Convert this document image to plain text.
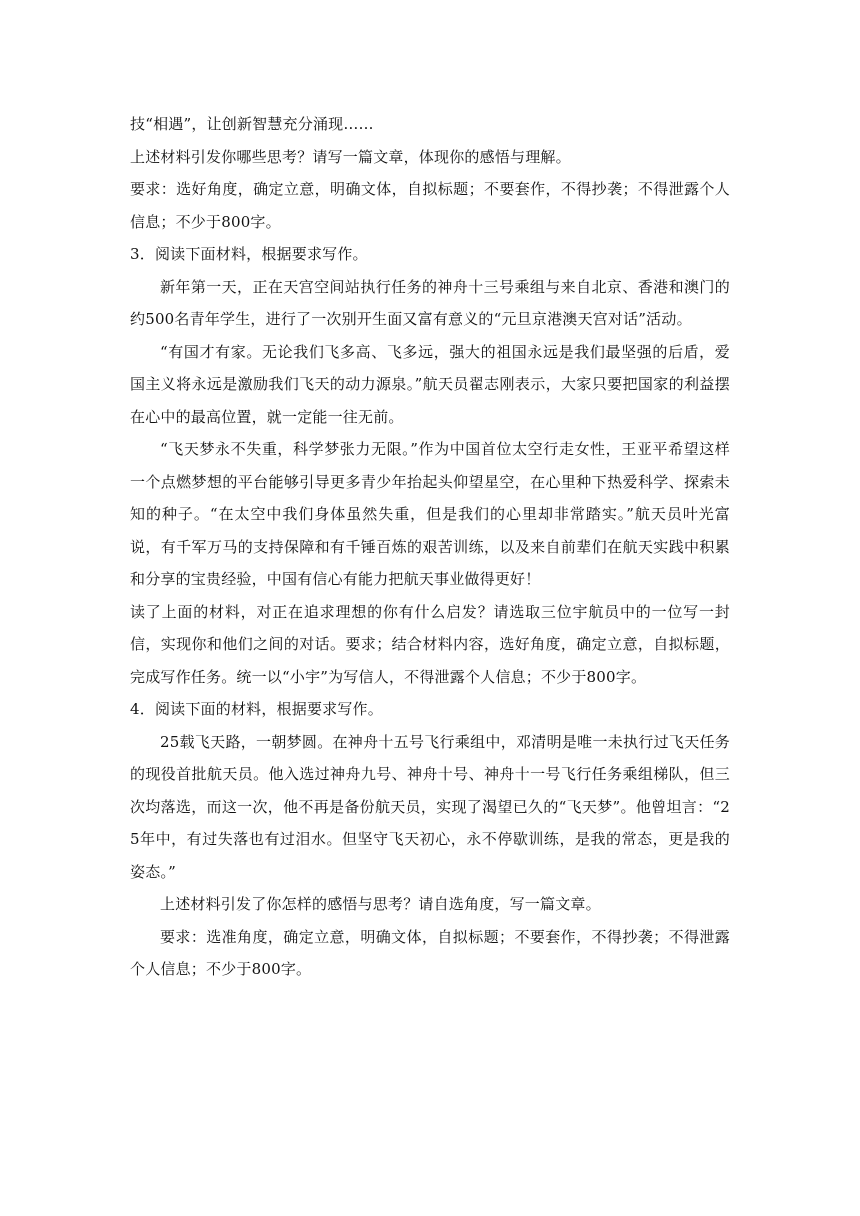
技“相遇”，让创新智慧充分涌现……

上述材料引发你哪些思考？请写一篇文章，体现你的感悟与理解。

要求：选好角度，确定立意，明确文体，自拟标题；不要套作，不得抄袭；不得泄露个人信息；不少于800字。

3．阅读下面材料，根据要求写作。

新年第一天，正在天宫空间站执行任务的神舟十三号乘组与来自北京、香港和澳门的约500名青年学生，进行了一次别开生面又富有意义的“元旦京港澳天宫对话”活动。

“有国才有家。无论我们飞多高、飞多远，强大的祖国永远是我们最坚强的后盾，爱国主义将永远是激励我们飞天的动力源泉。”航天员翟志刚表示，大家只要把国家的利益摆在心中的最高位置，就一定能一往无前。

“飞天梦永不失重，科学梦张力无限。”作为中国首位太空行走女性，王亚平希望这样一个点燃梦想的平台能够引导更多青少年抬起头仰望星空，在心里种下热爱科学、探索未知的种子。“在太空中我们身体虽然失重，但是我们的心里却非常踏实。”航天员叶光富说，有千军万马的支持保障和有千锤百炼的艰苦训练，以及来自前辈们在航天实践中积累和分享的宝贵经验，中国有信心有能力把航天事业做得更好！

读了上面的材料，对正在追求理想的你有什么启发？请选取三位宇航员中的一位写一封信，实现你和他们之间的对话。要求；结合材料内容，选好角度，确定立意，自拟标题，完成写作任务。统一以“小宇”为写信人，不得泄露个人信息；不少于800字。

4．阅读下面的材料，根据要求写作。

25载飞天路，一朝梦圆。在神舟十五号飞行乘组中，邓清明是唯一未执行过飞天任务的现役首批航天员。他入选过神舟九号、神舟十号、神舟十一号飞行任务乘组梯队，但三次均落选，而这一次，他不再是备份航天员，实现了渴望已久的“飞天梦”。他曾坦言：“25年中，有过失落也有过泪水。但坚守飞天初心，永不停歇训练，是我的常态，更是我的姿态。”

上述材料引发了你怎样的感悟与思考？请自选角度，写一篇文章。

要求：选准角度，确定立意，明确文体，自拟标题；不要套作，不得抄袭；不得泄露个人信息；不少于800字。
